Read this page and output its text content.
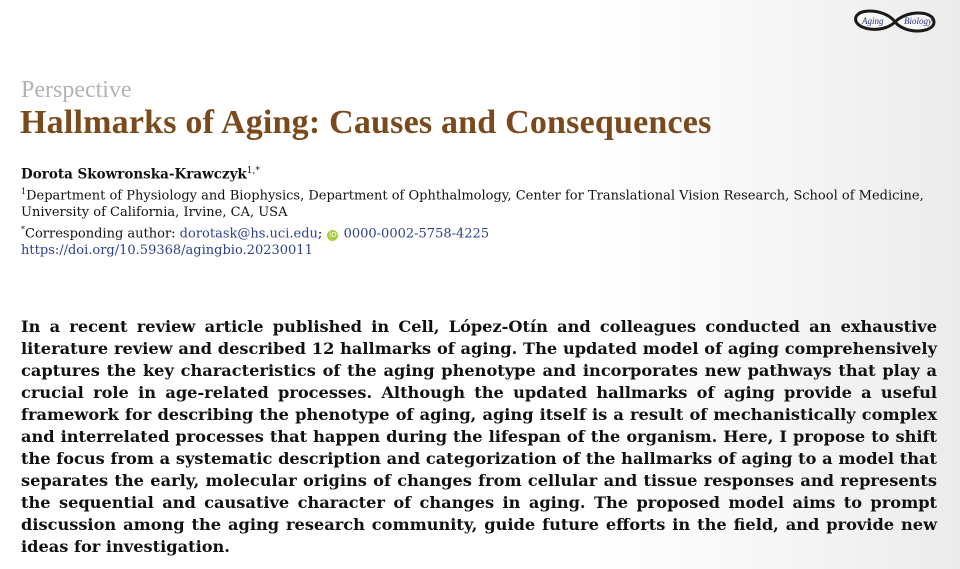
Aging Biology
Perspective
Hallmarks of Aging: Causes and Consequences
Dorota Skowronska-Krawczyk$^{1,*}$
$^1$Department of Physiology and Biophysics, Department of Ophthalmology, Center for Translational Vision Research, School of Medicine,
University of California, Irvine, CA, USA
*Corresponding author: dorotask@hs.uci.edu; iD 0000-0002-5758-4225
https://doi.org/10.59368/agingbio.20230011
In a recent review article published in Cell, López-Otín and colleagues conducted an exhaustive literature review and described 12 hallmarks of aging. The updated model of aging comprehensively captures the key characteristics of the aging phenotype and incorporates new pathways that play a crucial role in age-related processes. Although the updated hallmarks of aging provide a useful framework for describing the phenotype of aging, aging itself is a result of mechanistically complex and interrelated processes that happen during the lifespan of the organism. Here, I propose to shift the focus from a systematic description and categorization of the hallmarks of aging to a model that separates the early, molecular origins of changes from cellular and tissue responses and represents the sequential and causative character of changes in aging. The proposed model aims to prompt discussion among the aging research community, guide future efforts in the field, and provide new ideas for investigation.
